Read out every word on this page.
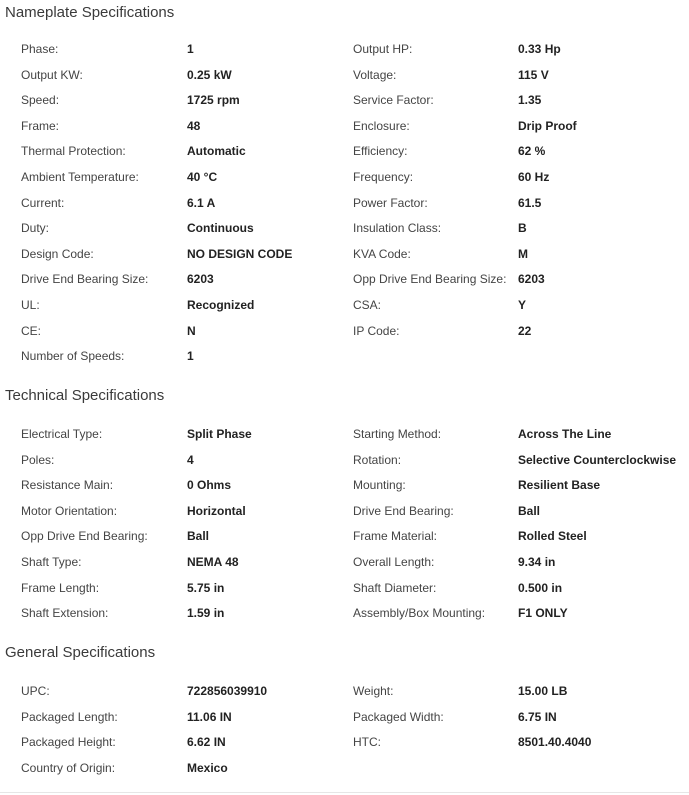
Nameplate Specifications
Phase:	1	Output HP:	0.33 Hp
Output KW:	0.25 kW	Voltage:	115 V
Speed:	1725 rpm	Service Factor:	1.35
Frame:	48	Enclosure:	Drip Proof
Thermal Protection:	Automatic	Efficiency:	62 %
Ambient Temperature:	40 °C	Frequency:	60 Hz
Current:	6.1 A	Power Factor:	61.5
Duty:	Continuous	Insulation Class:	B
Design Code:	NO DESIGN CODE	KVA Code:	M
Drive End Bearing Size:	6203	Opp Drive End Bearing Size: 6203
UL:	Recognized	CSA:	Y
CE:	N	IP Code:	22
Number of Speeds:	1
Technical Specifications
Electrical Type:	Split Phase	Starting Method:	Across The Line
Poles:	4	Rotation:	Selective Counterclockwise
Resistance Main:	0 Ohms	Mounting:	Resilient Base
Motor Orientation:	Horizontal	Drive End Bearing:	Ball
Opp Drive End Bearing:	Ball	Frame Material:	Rolled Steel
Shaft Type:	NEMA 48	Overall Length:	9.34 in
Frame Length:	5.75 in	Shaft Diameter:	0.500 in
Shaft Extension:	1.59 in	Assembly/Box Mounting:	F1 ONLY
General Specifications
UPC:	722856039910	Weight:	15.00 LB
Packaged Length:	11.06 IN	Packaged Width:	6.75 IN
Packaged Height:	6.62 IN	HTC:	8501.40.4040
Country of Origin:	Mexico
